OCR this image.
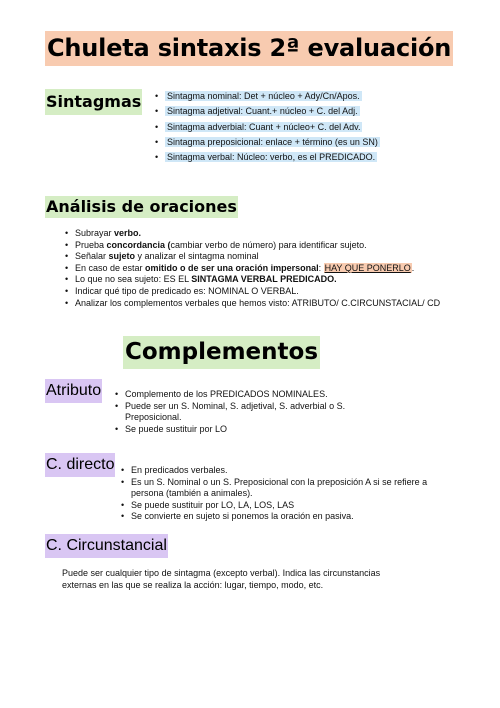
Chuleta sintaxis 2ª evaluación
Sintagmas	• Sintagma nominal: Det + núcleo + Ady/Cn/Apos.
• Sintagma adjetival: Cuant.+ núcleo + C. del Adj.
• Sintagma adverbial: Cuant + núcleo+ C. del Adv.
• Sintagma preposicional: enlace + término (es un SN)
• Sintagma verbal: Núcleo: verbo, es el PREDICADO.
Análisis de oraciones
• Subrayar verbo.
• Prueba concordancia (cambiar verbo de número) para identificar sujeto.
• Señalar sujeto y analizar el sintagma nominal
• En caso de estar omitido o de ser una oración impersonal: HAY QUE PONERLO.
• Lo que no sea sujeto: ES EL SINTAGMA VERBAL PREDICADO.
• Indicar qué tipo de predicado es: NOMINAL O VERBAL.
• Analizar los complementos verbales que hemos visto: ATRIBUTO/ C.CIRCUNSTACIAL/ CD
Complementos
Atributo	• Complemento de los PREDICADOS NOMINALES.
• Puede ser un S. Nominal, S. adjetival, S. adverbial o S. Preposicional.
• Se puede sustituir por LO
C. directo	• En predicados verbales.
• Es un S. Nominal o un S. Preposicional con la preposición A si se refiere a persona (también a animales).
• Se puede sustituir por LO, LA, LOS, LAS
• Se convierte en sujeto si ponemos la oración en pasiva.
C. Circunstancial
Puede ser cualquier tipo de sintagma (excepto verbal). Indica las circunstancias externas en las que se realiza la acción: lugar, tiempo, modo, etc.
